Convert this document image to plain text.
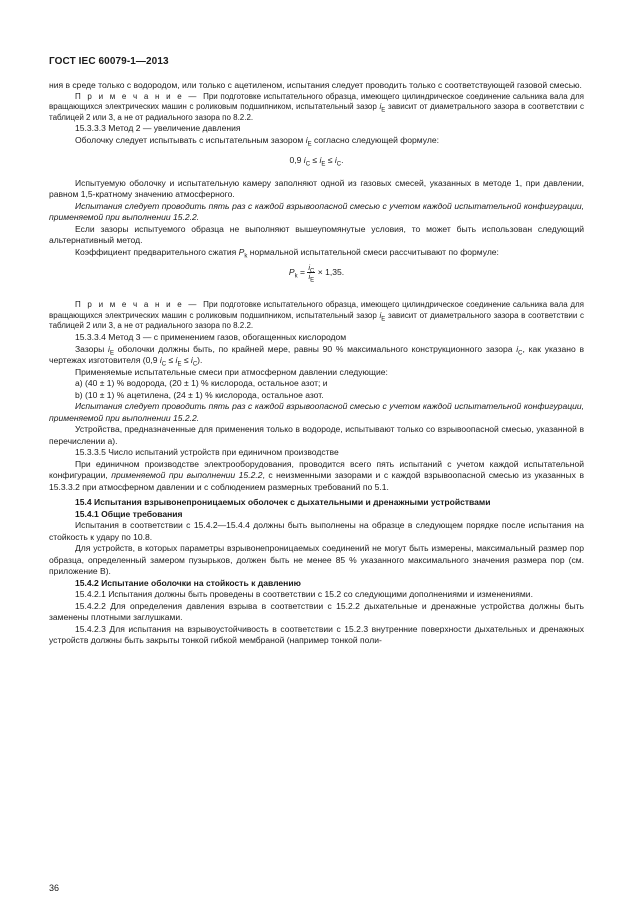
ГОСТ IEC 60079-1—2013

ния в среде только с водородом, или только с ацетиленом, испытания следует проводить только с соответствующей газовой смесью.

П р и м е ч а н и е — При подготовке испытательного образца, имеющего цилиндрическое соединение сальника вала для вращающихся электрических машин с роликовым подшипником, испытательный зазор $i_E$ зависит от диаметрального зазора в соответствии с таблицей 2 или 3, а не от радиального зазора по 8.2.2.

15.3.3.3 Метод 2 — увеличение давления

Оболочку следует испытывать с испытательным зазором $i_E$ согласно следующей формуле:

0,9 $i_C \le i_E \le i_C$.

Испытуемую оболочку и испытательную камеру заполняют одной из газовых смесей, указанных в методе 1, при давлении, равном 1,5-кратному значению атмосферного.

Испытания следует проводить пять раз с каждой взрывоопасной смесью с учетом каждой испытательной конфигурации, применяемой при выполнении 15.2.2.

Если зазоры испытуемого образца не выполняют вышеупомянутые условия, то может быть использован следующий альтернативный метод.

Коэффициент предварительного сжатия $P_k$ нормальной испытательной смеси рассчитывают по формуле:

$P_k = \frac{i_C}{i_E} \times 1,35$.

П р и м е ч а н и е — При подготовке испытательного образца, имеющего цилиндрическое соединение сальника вала для вращающихся электрических машин с роликовым подшипником, испытательный зазор $i_E$ зависит от диаметрального зазора в соответствии с таблицей 2 или 3, а не от радиального зазора по 8.2.2.

15.3.3.4 Метод 3 — с применением газов, обогащенных кислородом

Зазоры $i_E$ оболочки должны быть, по крайней мере, равны 90 % максимального конструкционного зазора $i_C$, как указано в чертежах изготовителя (0,9 $i_C \le i_E \le i_C$).

Применяемые испытательные смеси при атмосферном давлении следующие:

a) (40 ± 1) % водорода, (20 ± 1) % кислорода, остальное азот; и

b) (10 ± 1) % ацетилена, (24 ± 1) % кислорода, остальное азот.

Испытания следует проводить пять раз с каждой взрывоопасной смесью с учетом каждой испытательной конфигурации, применяемой при выполнении 15.2.2.

Устройства, предназначенные для применения только в водороде, испытывают только со взрывоопасной смесью, указанной в перечислении а).

15.3.3.5 Число испытаний устройств при единичном производстве

При единичном производстве электрооборудования, проводится всего пять испытаний с учетом каждой испытательной конфигурации, применяемой при выполнении 15.2.2, с неизменными зазорами и с каждой взрывоопасной смесью из указанных в 15.3.3.2 при атмосферном давлении и с соблюдением размерных требований по 5.1.

15.4 Испытания взрывонепроницаемых оболочек с дыхательными и дренажными устройствами

15.4.1 Общие требования

Испытания в соответствии с 15.4.2—15.4.4 должны быть выполнены на образце в следующем порядке после испытания на стойкость к удару по 10.8.

Для устройств, в которых параметры взрывонепроницаемых соединений не могут быть измерены, максимальный размер пор образца, определенный замером пузырьков, должен быть не менее 85 % указанного максимального значения размера пор (см. приложение В).

15.4.2 Испытание оболочки на стойкость к давлению

15.4.2.1 Испытания должны быть проведены в соответствии с 15.2 со следующими дополнениями и изменениями.

15.4.2.2 Для определения давления взрыва в соответствии с 15.2.2 дыхательные и дренажные устройства должны быть заменены плотными заглушками.

15.4.2.3 Для испытания на взрывоустойчивость в соответствии с 15.2.3 внутренние поверхности дыхательных и дренажных устройств должны быть закрыты тонкой гибкой мембраной (например тонкой поли-

36
